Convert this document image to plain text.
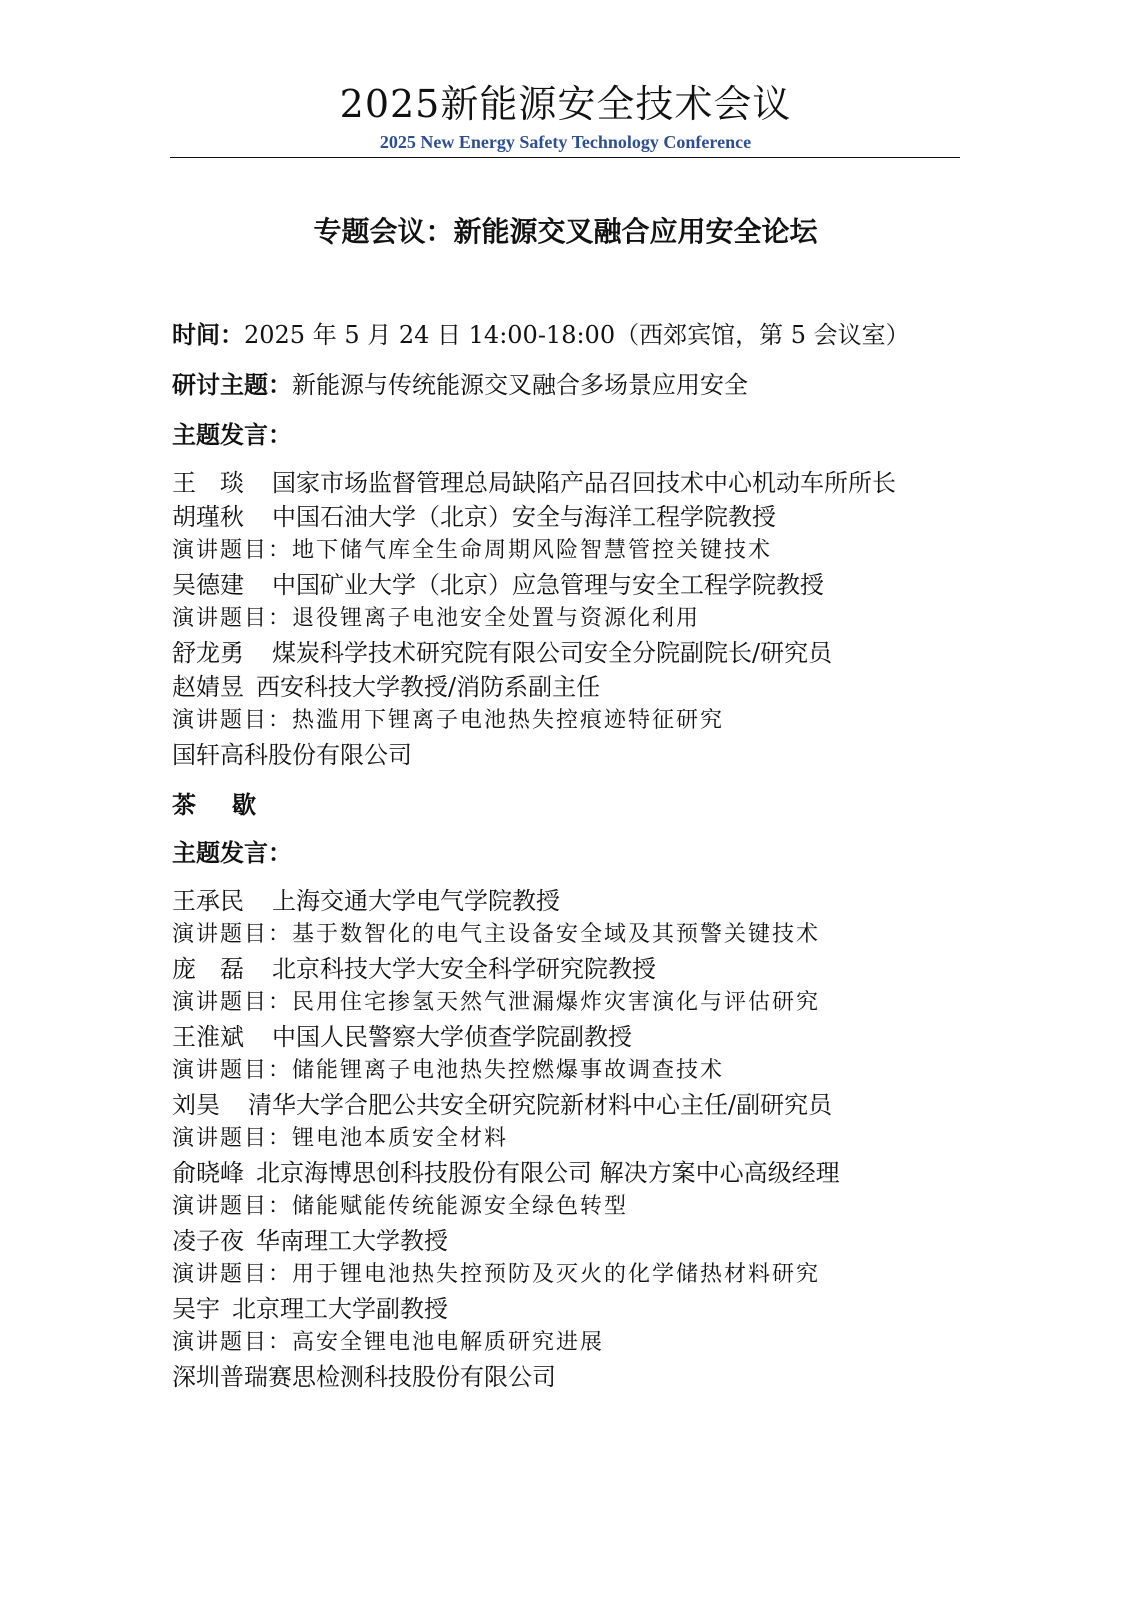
2025新能源安全技术会议
2025 New Energy Safety Technology Conference
专题会议：新能源交叉融合应用安全论坛
时间：2025 年 5 月 24 日 14:00-18:00（西郊宾馆，第 5 会议室）
研讨主题：新能源与传统能源交叉融合多场景应用安全
主题发言：
王　琰 国家市场监督管理总局缺陷产品召回技术中心机动车所所长
胡瑾秋 中国石油大学（北京）安全与海洋工程学院教授
演讲题目：地下储气库全生命周期风险智慧管控关键技术
吴德建 中国矿业大学（北京）应急管理与安全工程学院教授
演讲题目：退役锂离子电池安全处置与资源化利用
舒龙勇 煤炭科学技术研究院有限公司安全分院副院长/研究员
赵婧昱 西安科技大学教授/消防系副主任
演讲题目：热滥用下锂离子电池热失控痕迹特征研究
国轩高科股份有限公司
茶歇
主题发言：
王承民 上海交通大学电气学院教授
演讲题目：基于数智化的电气主设备安全域及其预警关键技术
庞　磊 北京科技大学大安全科学研究院教授
演讲题目：民用住宅掺氢天然气泄漏爆炸灾害演化与评估研究
王淮斌 中国人民警察大学侦查学院副教授
演讲题目：储能锂离子电池热失控燃爆事故调查技术
刘昊 清华大学合肥公共安全研究院新材料中心主任/副研究员
演讲题目：锂电池本质安全材料
俞晓峰 北京海博思创科技股份有限公司 解决方案中心高级经理
演讲题目：储能赋能传统能源安全绿色转型
凌子夜 华南理工大学教授
演讲题目：用于锂电池热失控预防及灭火的化学储热材料研究
吴宇 北京理工大学副教授
演讲题目：高安全锂电池电解质研究进展
深圳普瑞赛思检测科技股份有限公司
